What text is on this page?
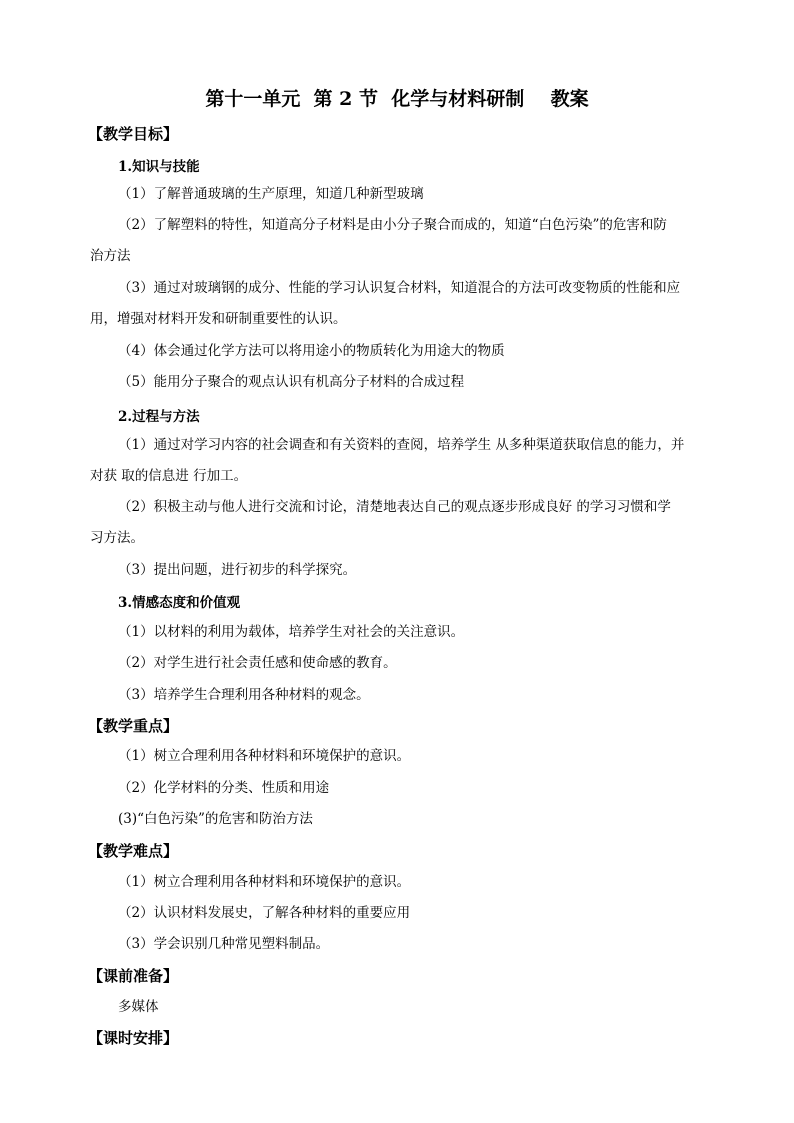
第十一单元  第 2 节  化学与材料研制    教案
【教学目标】
1.知识与技能
（1）了解普通玻璃的生产原理，知道几种新型玻璃
（2）了解塑料的特性，知道高分子材料是由小分子聚合而成的，知道“白色污染”的危害和防
治方法
（3）通过对玻璃钢的成分、性能的学习认识复合材料，知道混合的方法可改变物质的性能和应
用，增强对材料开发和研制重要性的认识。
（4）体会通过化学方法可以将用途小的物质转化为用途大的物质
（5）能用分子聚合的观点认识有机高分子材料的合成过程
2.过程与方法
（1）通过对学习内容的社会调查和有关资料的查阅，培养学生 从多种渠道获取信息的能力，并
对获 取的信息进 行加工。
（2）积极主动与他人进行交流和讨论，清楚地表达自己的观点逐步形成良好 的学习习惯和学
习方法。
（3）提出问题，进行初步的科学探究。
3.情感态度和价值观
（1）以材料的利用为载体，培养学生对社会的关注意识。
（2）对学生进行社会责任感和使命感的教育。
（3）培养学生合理利用各种材料的观念。
【教学重点】
（1）树立合理利用各种材料和环境保护的意识。
（2）化学材料的分类、性质和用途
(3)“白色污染”的危害和防治方法
【教学难点】
（1）树立合理利用各种材料和环境保护的意识。
（2）认识材料发展史，了解各种材料的重要应用
（3）学会识别几种常见塑料制品。
【课前准备】
多媒体
【课时安排】
